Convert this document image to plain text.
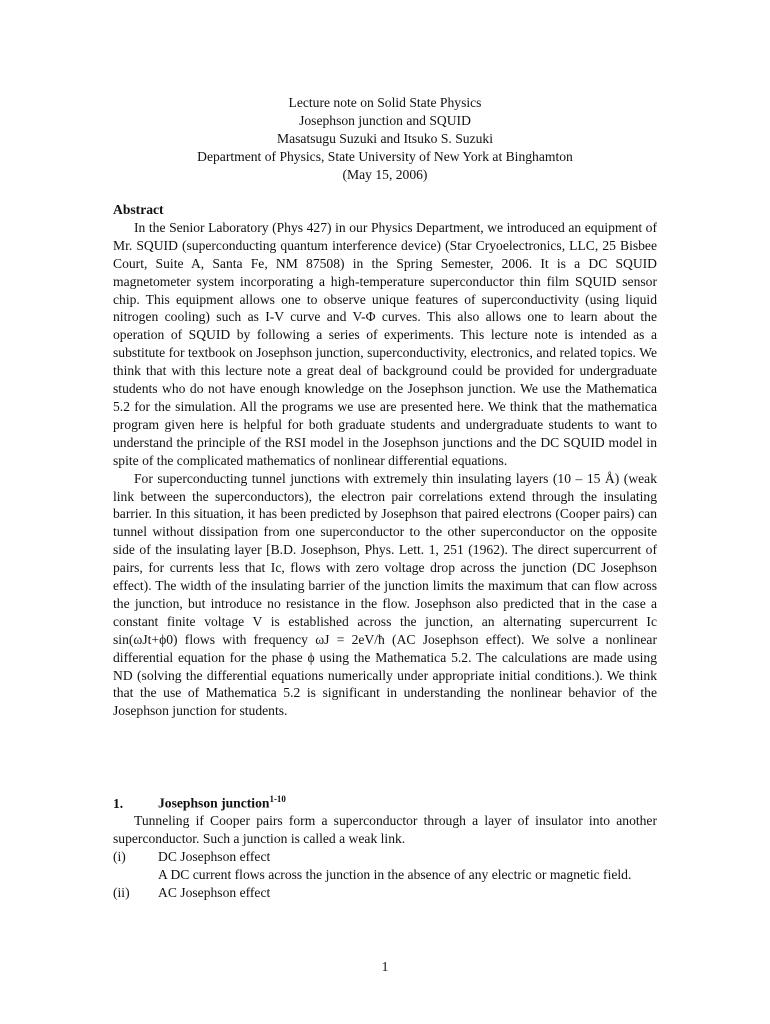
Lecture note on Solid State Physics
Josephson junction and SQUID
Masatsugu Suzuki and Itsuko S. Suzuki
Department of Physics, State University of New York at Binghamton
(May 15, 2006)
Abstract

In the Senior Laboratory (Phys 427) in our Physics Department, we introduced an equipment of Mr. SQUID (superconducting quantum interference device) (Star Cryoelectronics, LLC, 25 Bisbee Court, Suite A, Santa Fe, NM 87508) in the Spring Semester, 2006. It is a DC SQUID magnetometer system incorporating a high-temperature superconductor thin film SQUID sensor chip. This equipment allows one to observe unique features of superconductivity (using liquid nitrogen cooling) such as I-V curve and V-Φ curves. This also allows one to learn about the operation of SQUID by following a series of experiments. This lecture note is intended as a substitute for textbook on Josephson junction, superconductivity, electronics, and related topics. We think that with this lecture note a great deal of background could be provided for undergraduate students who do not have enough knowledge on the Josephson junction. We use the Mathematica 5.2 for the simulation. All the programs we use are presented here. We think that the mathematica program given here is helpful for both graduate students and undergraduate students to want to understand the principle of the RSI model in the Josephson junctions and the DC SQUID model in spite of the complicated mathematics of nonlinear differential equations.

For superconducting tunnel junctions with extremely thin insulating layers (10 – 15 Å) (weak link between the superconductors), the electron pair correlations extend through the insulating barrier. In this situation, it has been predicted by Josephson that paired electrons (Cooper pairs) can tunnel without dissipation from one superconductor to the other superconductor on the opposite side of the insulating layer [B.D. Josephson, Phys. Lett. 1, 251 (1962). The direct supercurrent of pairs, for currents less that Ic, flows with zero voltage drop across the junction (DC Josephson effect). The width of the insulating barrier of the junction limits the maximum that can flow across the junction, but introduce no resistance in the flow. Josephson also predicted that in the case a constant finite voltage V is established across the junction, an alternating supercurrent Ic sin(ωJt+ϕ0) flows with frequency ωJ = 2eV/ħ (AC Josephson effect). We solve a nonlinear differential equation for the phase ϕ using the Mathematica 5.2. The calculations are made using ND (solving the differential equations numerically under appropriate initial conditions.). We think that the use of Mathematica 5.2 is significant in understanding the nonlinear behavior of the Josephson junction for students.

1.	Josephson junction$^{1-10}$

Tunneling if Cooper pairs form a superconductor through a layer of insulator into another superconductor. Such a junction is called a weak link.

(i)	DC Josephson effect
A DC current flows across the junction in the absence of any electric or magnetic field.
(ii)	AC Josephson effect
1
